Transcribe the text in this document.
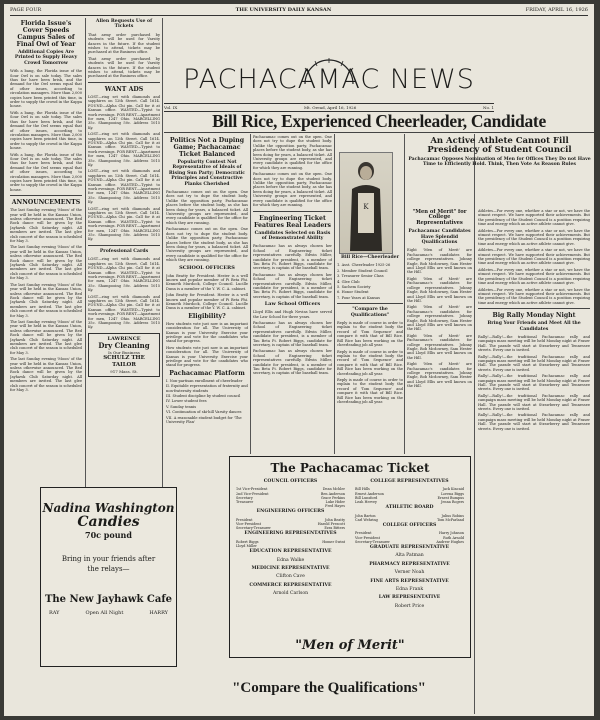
PAGE FOUR	THE UNIVERSITY DAILY KANSAN	FRIDAY, APRIL 16, 1926
Florida Issue's Cover Speeds Campus Sales of Final Owl of Year
Additional Copies Are Printed to Supply Heavy Crowd Tomorrow

With a bang, the Florida issue of the Sour Owl is on sale today. The sales thus far have been brisk, and the demand for the Owl seems equal that of other issues, according to circulation managers. More than 2,000 copies have been printed this time, in order to supply the crowd in the Kappa house.

With a bang, the Florida issue of the Sour Owl is on sale today. The sales thus far have been brisk, and the demand for the Owl seems equal that of other issues, according to circulation managers. More than 2,000 copies have been printed this time, in order to supply the crowd in the Kappa house.

With a bang, the Florida issue of the Sour Owl is on sale today. The sales thus far have been brisk, and the demand for the Owl seems equal that of other issues, according to circulation managers. More than 2,000 copies have been printed this time, in order to supply the crowd in the Kappa house.

ANNOUNCEMENTS

The last Sunday evening 'Moon' of the year will be held in the Kansas Union, unless otherwise announced. The Bed Rock dance will be given by the Jayhawk Club Saturday night. All members are invited. The last glee club concert of the season is scheduled for May 3.

The last Sunday evening 'Moon' of the year will be held in the Kansas Union, unless otherwise announced. The Bed Rock dance will be given by the Jayhawk Club Saturday night. All members are invited. The last glee club concert of the season is scheduled for May 3.

The last Sunday evening 'Moon' of the year will be held in the Kansas Union, unless otherwise announced. The Bed Rock dance will be given by the Jayhawk Club Saturday night. All members are invited. The last glee club concert of the season is scheduled for May 3.

The last Sunday evening 'Moon' of the year will be held in the Kansas Union, unless otherwise announced. The Bed Rock dance will be given by the Jayhawk Club Saturday night. All members are invited. The last glee club concert of the season is scheduled for May 3.

The last Sunday evening 'Moon' of the year will be held in the Kansas Union, unless otherwise announced. The Bed Rock dance will be given by the Jayhawk Club Saturday night. All members are invited. The last glee club concert of the season is scheduled for May 3.

Allen Requests Use of Tickets

That army order purchased by students will be used for Varsity dances in the future. If the student wishes to attend, tickets may be purchased at the Business office.

That army order purchased by students will be used for Varsity dances in the future. If the student wishes to attend, tickets may be purchased at the Business office.

WANT ADS

LOST—ring set with diamonds and sapphires on 12th Street. Call 1614. FOUND—Alpha Chi pin. Call for it at Kansan office. WANTED—Typist to work evenings. FOR RENT—Apartment for men, 1247 Ohio. MARCELLING 35c. Shampooing 50c. Address 1015 Ky.

LOST—ring set with diamonds and sapphires on 12th Street. Call 1614. FOUND—Alpha Chi pin. Call for it at Kansan office. WANTED—Typist to work evenings. FOR RENT—Apartment for men, 1247 Ohio. MARCELLING 35c. Shampooing 50c. Address 1015 Ky.

LOST—ring set with diamonds and sapphires on 12th Street. Call 1614. FOUND—Alpha Chi pin. Call for it at Kansan office. WANTED—Typist to work evenings. FOR RENT—Apartment for men, 1247 Ohio. MARCELLING 35c. Shampooing 50c. Address 1015 Ky.

LOST—ring set with diamonds and sapphires on 12th Street. Call 1614. FOUND—Alpha Chi pin. Call for it at Kansan office. WANTED—Typist to work evenings. FOR RENT—Apartment for men, 1247 Ohio. MARCELLING 35c. Shampooing 50c. Address 1015 Ky.

Professional Cards

LOST—ring set with diamonds and sapphires on 12th Street. Call 1614. FOUND—Alpha Chi pin. Call for it at Kansan office. WANTED—Typist to work evenings. FOR RENT—Apartment for men, 1247 Ohio. MARCELLING 35c. Shampooing 50c. Address 1015 Ky.

LOST—ring set with diamonds and sapphires on 12th Street. Call 1614. FOUND—Alpha Chi pin. Call for it at Kansan office. WANTED—Typist to work evenings. FOR RENT—Apartment for men, 1247 Ohio. MARCELLING 35c. Shampooing 50c. Address 1015 Ky.

LAWRENCE
Dry Cleaning
Is Our Business
SCHULZ THE TAILOR
917 Mass. St.
PACHACAMAC NEWS
Vol. IX	Mt. Oread, April 16, 1926	No. 1
Bill Rice, Experienced Cheerleader, Candidate
Politics Not a Duping Game; Pachacamac Ticket Balanced
Popularity Contest Not Representative of Ideals of Rising Sun Party; Democratic Principles and Constructive Planks Cherished

Pachacamac comes out on the open. One does not try to dupe the student body. Unlike the opposition party, Pachacamac places before the student body, as she has been doing for years, a balanced ticket. All University groups are represented, and every candidate is qualified for the office for which they are running.

Pachacamac comes out on the open. One does not try to dupe the student body. Unlike the opposition party, Pachacamac places before the student body, as she has been doing for years, a balanced ticket. All University groups are represented, and every candidate is qualified for the office for which they are running.

SCHOOL OFFICERS

John Beatty for President. Hester is a well known and popular member of Pi Beta Phi. Kenneth Murdock, College Council. Lucille Dunn is a member of the Y. W. C. A. cabinet.

John Beatty for President. Hester is a well known and popular member of Pi Beta Phi. Kenneth Murdock, College Council. Lucille Dunn is a member of the Y. W. C. A. cabinet.

Eligibility?

How students vote just now is an important consideration for all. The University of Kansas is your University. Exercise your privilege and vote for the candidates who stand for progress.

How students vote just now is an important consideration for all. The University of Kansas is your University. Exercise your privilege and vote for the candidates who stand for progress.

Pachacamac Platform
I. Non-partisan enrollment of cheerleader
II. Equitable representation of fraternity and non-fraternity students
III. Student discipline by student council
IV. Lower student fees
V. Sunday tennis
VI. Continuation of ski-hill Varsity dances
VII. A reasonable student budget for 'The University Plan'

Pachacamac comes out on the open. One does not try to dupe the student body. Unlike the opposition party, Pachacamac places before the student body, as she has been doing for years, a balanced ticket. All University groups are represented, and every candidate is qualified for the office for which they are running.

Pachacamac comes out on the open. One does not try to dupe the student body. Unlike the opposition party, Pachacamac places before the student body, as she has been doing for years, a balanced ticket. All University groups are represented, and every candidate is qualified for the office for which they are running.

Engineering Ticket Features Real Leaders
Candidates Selected on Basis of Demonstrated Ability

Pachacamac has as always chosen her School of Engineering ticket representatives carefully. Edwin Miller, candidate for president, is a member of Tau Beta Pi. Robert Biggs, candidate for secretary, is captain of the baseball team.

Pachacamac has as always chosen her School of Engineering ticket representatives carefully. Edwin Miller, candidate for president, is a member of Tau Beta Pi. Robert Biggs, candidate for secretary, is captain of the baseball team.

Law School Officers

Lloyd Ellis and Hugh Nevins have served the Law School for three years.

Pachacamac has as always chosen her School of Engineering ticket representatives carefully. Edwin Miller, candidate for president, is a member of Tau Beta Pi. Robert Biggs, candidate for secretary, is captain of the baseball team.

Pachacamac has as always chosen her School of Engineering ticket representatives carefully. Edwin Miller, candidate for president, is a member of Tau Beta Pi. Robert Biggs, candidate for secretary, is captain of the baseball team.

K
Bill Rice—Cheerleader
1. Asst. Cheerleader 1925-26
2. Member Student Council
3. Treasurer Senior Class
4. Glee Club
5. Sachem Society
6. Honor Student
7. Four Years at Kansas
"Compare the Qualifications"

Reply is made of course in order to explain to the student body the record of 'Tom Sequence' and compare it with that of Bill Rice. Bill Rice has been working on the cheerleading job all year.

Reply is made of course in order to explain to the student body the record of 'Tom Sequence' and compare it with that of Bill Rice. Bill Rice has been working on the cheerleading job all year.

Reply is made of course in order to explain to the student body the record of 'Tom Sequence' and compare it with that of Bill Rice. Bill Rice has been working on the cheerleading job all year.

"Men of Merit" for College Representatives
Pachacamac Candidates Have Splendid Qualifications

Eight 'Men of Merit' are Pachacamac's candidates for college representatives. Johnny Engle, Bob Mcdowney, Sam Hester and Lloyd Ellis are well known on the Hill.

Eight 'Men of Merit' are Pachacamac's candidates for college representatives. Johnny Engle, Bob Mcdowney, Sam Hester and Lloyd Ellis are well known on the Hill.

Eight 'Men of Merit' are Pachacamac's candidates for college representatives. Johnny Engle, Bob Mcdowney, Sam Hester and Lloyd Ellis are well known on the Hill.

Eight 'Men of Merit' are Pachacamac's candidates for college representatives. Johnny Engle, Bob Mcdowney, Sam Hester and Lloyd Ellis are well known on the Hill.

Eight 'Men of Merit' are Pachacamac's candidates for college representatives. Johnny Engle, Bob Mcdowney, Sam Hester and Lloyd Ellis are well known on the Hill.

An Active Athlete Cannot Fill Presidency of Student Council
Pachacamac Opposes Nomination of Men for Offices They Do not Have Time to Efficiently Hold. Think, Then Vote As Reason Rules

Athletes—For every one, whether a star or not, we have the utmost respect. We have supported their achievements. But the presidency of the Student Council is a position requiring time and energy which an active athlete cannot give.

Athletes—For every one, whether a star or not, we have the utmost respect. We have supported their achievements. But the presidency of the Student Council is a position requiring time and energy which an active athlete cannot give.

Athletes—For every one, whether a star or not, we have the utmost respect. We have supported their achievements. But the presidency of the Student Council is a position requiring time and energy which an active athlete cannot give.

Athletes—For every one, whether a star or not, we have the utmost respect. We have supported their achievements. But the presidency of the Student Council is a position requiring time and energy which an active athlete cannot give.

Athletes—For every one, whether a star or not, we have the utmost respect. We have supported their achievements. But the presidency of the Student Council is a position requiring time and energy which an active athlete cannot give.

Big Rally Monday Night
Bring Your Friends and Meet All the Candidates

Rally!—Rally!—the traditional Pachacamac rally and campaign mass meeting will be held Monday night at Fraser Hall. The parade will start at Strawberry and Tennessee streets. Every one is invited.

Rally!—Rally!—the traditional Pachacamac rally and campaign mass meeting will be held Monday night at Fraser Hall. The parade will start at Strawberry and Tennessee streets. Every one is invited.

Rally!—Rally!—the traditional Pachacamac rally and campaign mass meeting will be held Monday night at Fraser Hall. The parade will start at Strawberry and Tennessee streets. Every one is invited.

Rally!—Rally!—the traditional Pachacamac rally and campaign mass meeting will be held Monday night at Fraser Hall. The parade will start at Strawberry and Tennessee streets. Every one is invited.

Rally!—Rally!—the traditional Pachacamac rally and campaign mass meeting will be held Monday night at Fraser Hall. The parade will start at Strawberry and Tennessee streets. Every one is invited.

The Pachacamac Ticket
COUNCIL OFFICERS
1st Vice-President	Dean Mchler
2nd Vice-President	Ben Anderson
Secretary	Grace Perkins
Treasurer	Luke Hider
Fred Hayes
ENGINEERING OFFICERS
President	John Beatty
Vice-President	Harold Prescott
Secretary-Treasurer	Ezra Bitters
ENGINEERING REPRESENTATIVES
Robert Biggs	Homer Swint
Lloyd Miller
EDUCATION REPRESENTATIVE
Edna Walke
MEDICINE REPRESENTATIVE
Clifton Cave
COMMERCE REPRESENTATIVE
Arnold Carlson
COLLEGE REPRESENTATIVES
Bill Hills	Jack Kincaid
Ernest Anderson	Lorena Biggs
Bill Lunsford	Ernest Bumpus
Leah Hervey	Jenna Rogers
ATHLETIC BOARD
John Barton	Julius Robins
Carl Wehring	Tom McFarland
COLLEGE OFFICERS
President	Harry Johnson
Vice-President	Ruth Arnold
Secretary-Treasurer	Andrew Hughes
GRADUATE REPRESENTATIVE
Alta Patman
PHARMACY REPRESENTATIVE
Verner Noah
FINE ARTS REPRESENTATIVE
Edna Frank
LAW REPRESENTATIVE
Robert Price
"Men of Merit"
Nadina Washington
Candies
70c pound
Bring in your friends after the relays—
The New Jayhawk Cafe
RAY	Open All Night	HARRY
"Compare the Qualifications"
